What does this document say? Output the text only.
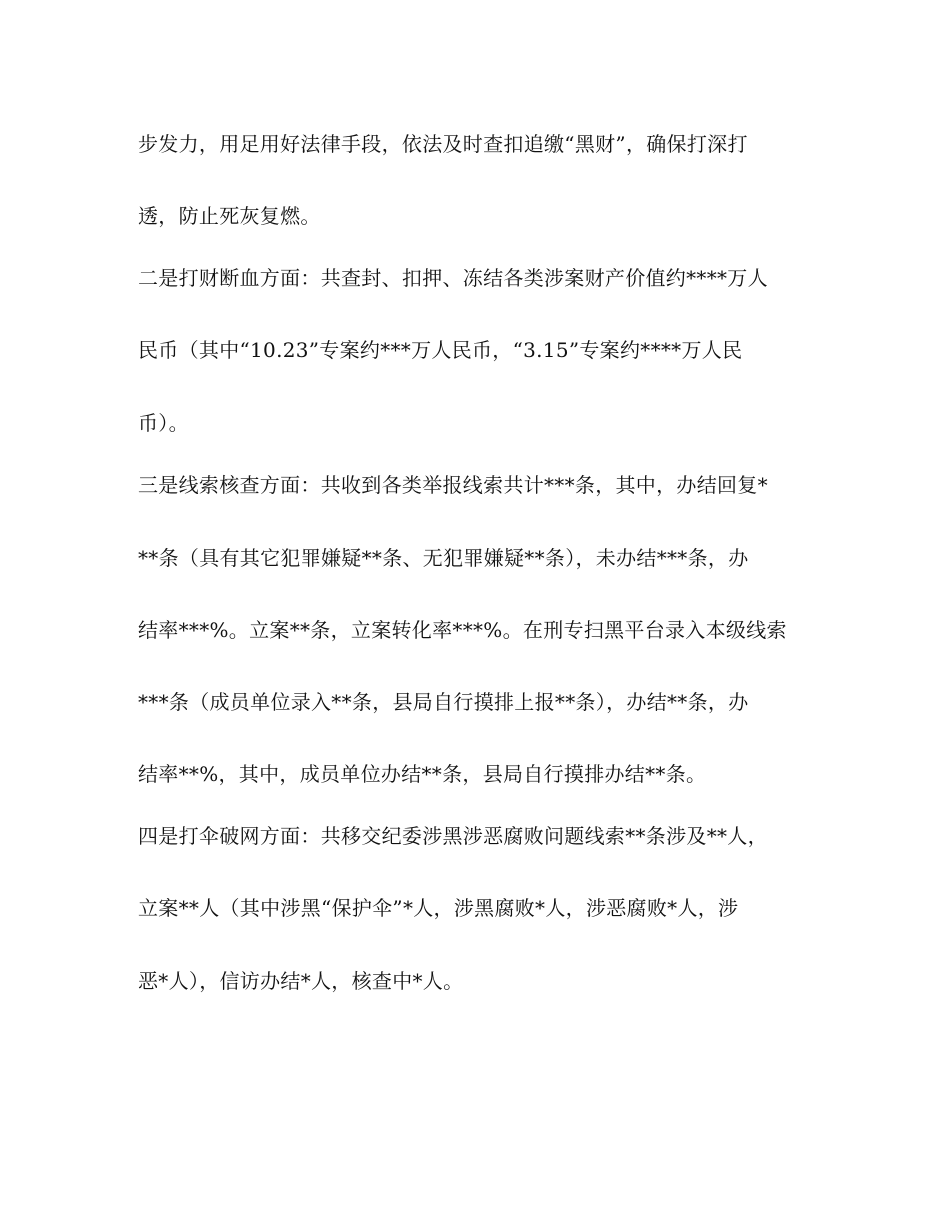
步发力，用足用好法律手段，依法及时查扣追缴“黑财”，确保打深打
透，防止死灰复燃。
二是打财断血方面：共查封、扣押、冻结各类涉案财产价值约****万人
民币（其中“10.23”专案约***万人民币，“3.15”专案约****万人民
币）。
三是线索核查方面：共收到各类举报线索共计***条，其中，办结回复*
**条（具有其它犯罪嫌疑**条、无犯罪嫌疑**条），未办结***条，办
结率***%。立案**条，立案转化率***%。在刑专扫黑平台录入本级线索
***条（成员单位录入**条，县局自行摸排上报**条），办结**条，办
结率**%，其中，成员单位办结**条，县局自行摸排办结**条。
四是打伞破网方面：共移交纪委涉黑涉恶腐败问题线索**条涉及**人，
立案**人（其中涉黑“保护伞”*人，涉黑腐败*人，涉恶腐败*人，涉
恶*人），信访办结*人，核查中*人。
